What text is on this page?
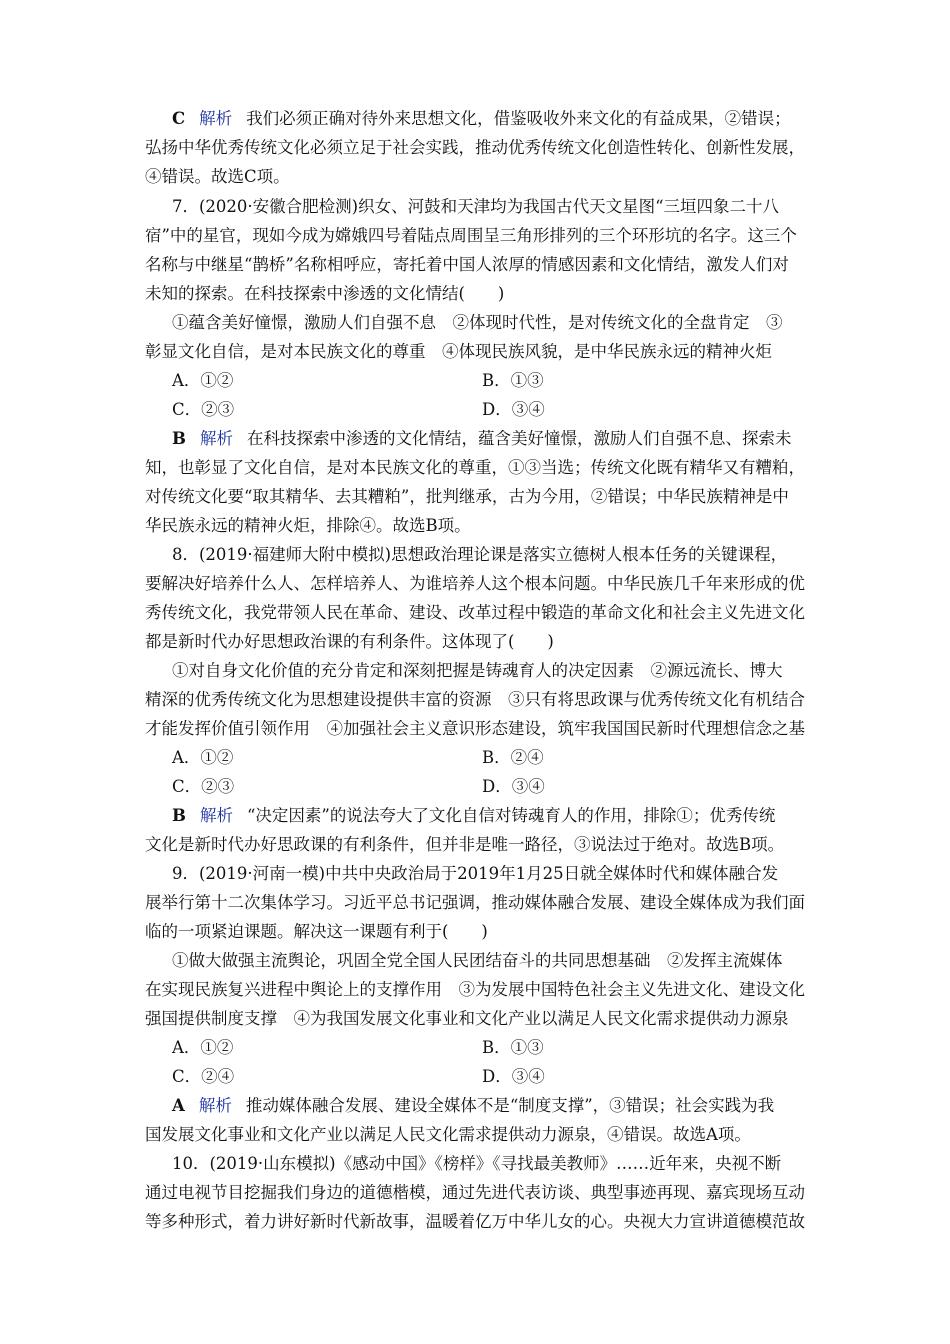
C 解析 我们必须正确对待外来思想文化，借鉴吸收外来文化的有益成果，②错误；
弘扬中华优秀传统文化必须立足于社会实践，推动优秀传统文化创造性转化、创新性发展，
④错误。故选C项。
7．(2020·安徽合肥检测)织女、河鼓和天津均为我国古代天文星图“三垣四象二十八
宿”中的星官，现如今成为嫦娥四号着陆点周围呈三角形排列的三个环形坑的名字。这三个
名称与中继星“鹊桥”名称相呼应，寄托着中国人浓厚的情感因素和文化情结，激发人们对
未知的探索。在科技探索中渗透的文化情结(　　)
①蕴含美好憧憬，激励人们自强不息　②体现时代性，是对传统文化的全盘肯定　③
彰显文化自信，是对本民族文化的尊重　④体现民族风貌，是中华民族永远的精神火炬
A．①②	B．①③
C．②③	D．③④
B 解析 在科技探索中渗透的文化情结，蕴含美好憧憬，激励人们自强不息、探索未
知，也彰显了文化自信，是对本民族文化的尊重，①③当选；传统文化既有精华又有糟粕，
对传统文化要“取其精华、去其糟粕”，批判继承，古为今用，②错误；中华民族精神是中
华民族永远的精神火炬，排除④。故选B项。
8．(2019·福建师大附中模拟)思想政治理论课是落实立德树人根本任务的关键课程，
要解决好培养什么人、怎样培养人、为谁培养人这个根本问题。中华民族几千年来形成的优
秀传统文化，我党带领人民在革命、建设、改革过程中锻造的革命文化和社会主义先进文化
都是新时代办好思想政治课的有利条件。这体现了(　　)
①对自身文化价值的充分肯定和深刻把握是铸魂育人的决定因素　②源远流长、博大
精深的优秀传统文化为思想建设提供丰富的资源　③只有将思政课与优秀传统文化有机结合
才能发挥价值引领作用　④加强社会主义意识形态建设，筑牢我国国民新时代理想信念之基
A．①②	B．②④
C．②③	D．③④
B 解析 “决定因素”的说法夸大了文化自信对铸魂育人的作用，排除①；优秀传统
文化是新时代办好思政课的有利条件，但并非是唯一路径，③说法过于绝对。故选B项。
9．(2019·河南一模)中共中央政治局于2019年1月25日就全媒体时代和媒体融合发
展举行第十二次集体学习。习近平总书记强调，推动媒体融合发展、建设全媒体成为我们面
临的一项紧迫课题。解决这一课题有利于(　　)
①做大做强主流舆论，巩固全党全国人民团结奋斗的共同思想基础　②发挥主流媒体
在实现民族复兴进程中舆论上的支撑作用　③为发展中国特色社会主义先进文化、建设文化
强国提供制度支撑　④为我国发展文化事业和文化产业以满足人民文化需求提供动力源泉
A．①②	B．①③
C．②④	D．③④
A 解析 推动媒体融合发展、建设全媒体不是“制度支撑”，③错误；社会实践为我
国发展文化事业和文化产业以满足人民文化需求提供动力源泉，④错误。故选A项。
10．(2019·山东模拟)《感动中国》《榜样》《寻找最美教师》……近年来，央视不断
通过电视节目挖掘我们身边的道德楷模，通过先进代表访谈、典型事迹再现、嘉宾现场互动
等多种形式，着力讲好新时代新故事，温暖着亿万中华儿女的心。央视大力宣讲道德模范故
